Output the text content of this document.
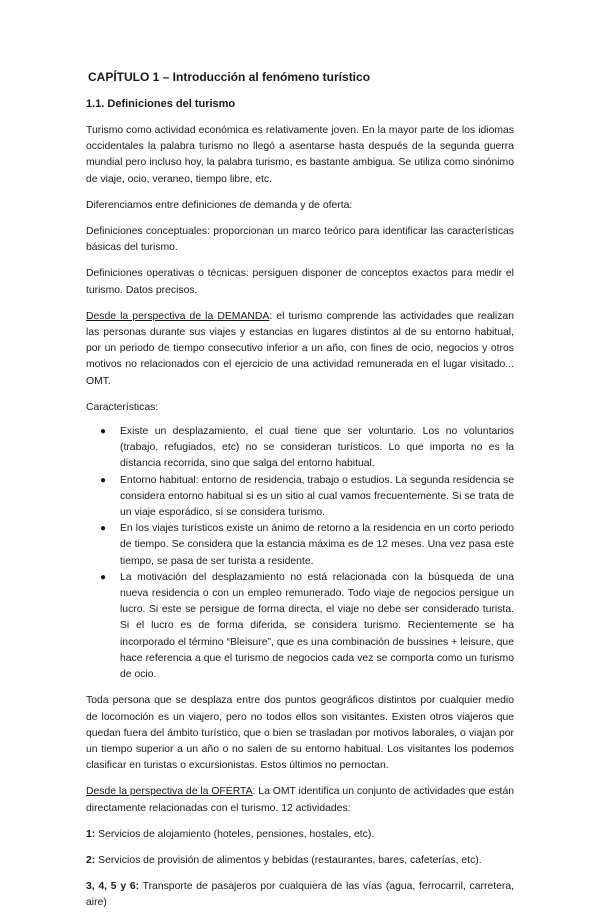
CAPÍTULO 1 – Introducción al fenómeno turístico
1.1. Definiciones del turismo

Turismo como actividad económica es relativamente joven. En la mayor parte de los idiomas occidentales la palabra turismo no llegó a asentarse hasta después de la segunda guerra mundial pero incluso hoy, la palabra turismo, es bastante ambigua. Se utiliza como sinónimo de viaje, ocio, veraneo, tiempo libre, etc.

Diferenciamos entre definiciones de demanda y de oferta:

Definiciones conceptuales: proporcionan un marco teórico para identificar las características básicas del turismo.

Definiciones operativas o técnicas: persiguen disponer de conceptos exactos para medir el turismo. Datos precisos.

Desde la perspectiva de la DEMANDA: el turismo comprende las actividades que realizan las personas durante sus viajes y estancias en lugares distintos al de su entorno habitual, por un periodo de tiempo consecutivo inferior a un año, con fines de ocio, negocios y otros motivos no relacionados con el ejercicio de una actividad remunerada en el lugar visitado... OMT.

Características:

● Existe un desplazamiento, el cual tiene que ser voluntario. Los no voluntarios (trabajo, refugiados, etc) no se consideran turísticos. Lo que importa no es la distancia recorrida, sino que salga del entorno habitual.
● Entorno habitual: entorno de residencia, trabajo o estudios. La segunda residencia se considera entorno habitual si es un sitio al cual vamos frecuentemente. Si se trata de un viaje esporádico, sí se considera turismo.
● En los viajes turísticos existe un ánimo de retorno a la residencia en un corto periodo de tiempo. Se considera que la estancia máxima es de 12 meses. Una vez pasa este tiempo, se pasa de ser turista a residente.
● La motivación del desplazamiento no está relacionada con la búsqueda de una nueva residencia o con un empleo remunerado. Todo viaje de negocios persigue un lucro. Si este se persigue de forma directa, el viaje no debe ser considerado turista. Si el lucro es de forma diferida, se considera turismo. Recientemente se ha incorporado el término “Bleisure”, que es una combinación de bussines + leisure, que hace referencia a que el turismo de negocios cada vez se comporta como un turismo de ocio.

Toda persona que se desplaza entre dos puntos geográficos distintos por cualquier medio de locomoción es un viajero, pero no todos ellos son visitantes. Existen otros viajeros que quedan fuera del ámbito turístico, que o bien se trasladan por motivos laborales, o viajan por un tiempo superior a un año o no salen de su entorno habitual. Los visitantes los podemos clasificar en turistas o excursionistas. Estos últimos no pernoctan.

Desde la perspectiva de la OFERTA: La OMT identifica un conjunto de actividades que están directamente relacionadas con el turismo. 12 actividades:

1: Servicios de alojamiento (hoteles, pensiones, hostales, etc).

2: Servicios de provisión de alimentos y bebidas (restaurantes, bares, cafeterías, etc).

3, 4, 5 y 6: Transporte de pasajeros por cualquiera de las vías (agua, ferrocarril, carretera, aire)
